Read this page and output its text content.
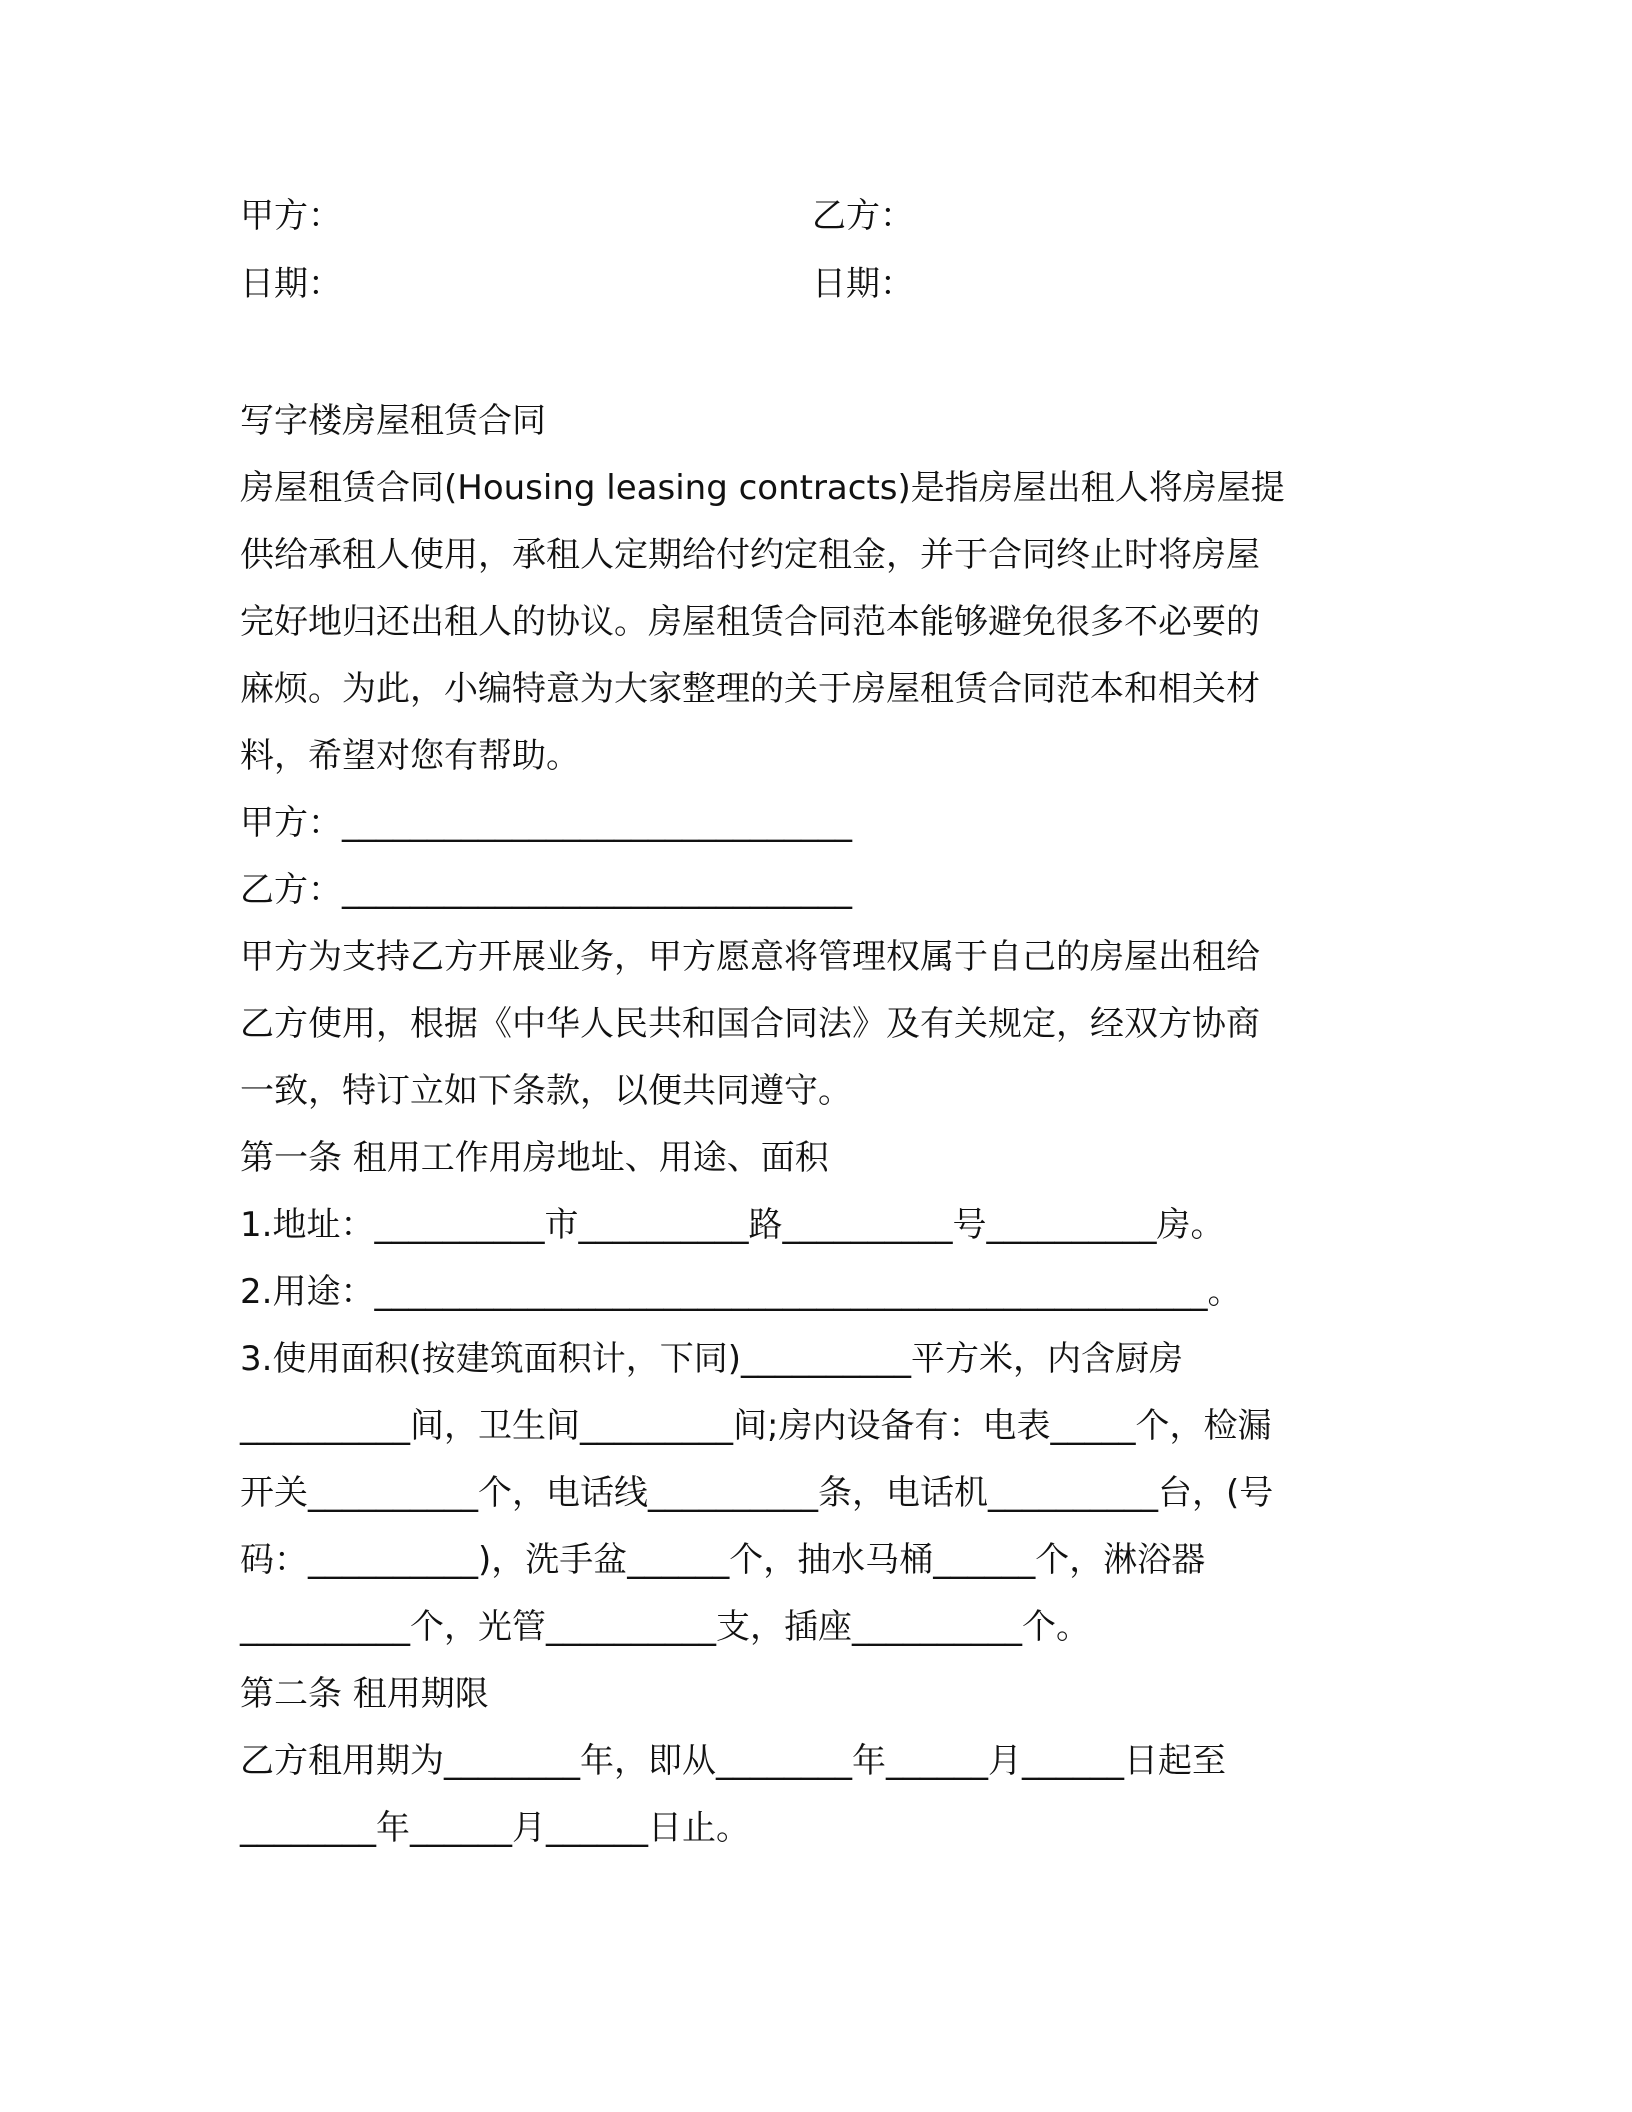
甲方：	乙方：
日期：	日期：
写字楼房屋租赁合同
房屋租赁合同(Housing leasing contracts)是指房屋出租人将房屋提
供给承租人使用，承租人定期给付约定租金，并于合同终止时将房屋
完好地归还出租人的协议。房屋租赁合同范本能够避免很多不必要的
麻烦。为此，小编特意为大家整理的关于房屋租赁合同范本和相关材
料，希望对您有帮助。
甲方：______________________________
乙方：______________________________
甲方为支持乙方开展业务，甲方愿意将管理权属于自己的房屋出租给
乙方使用，根据《中华人民共和国合同法》及有关规定，经双方协商
一致，特订立如下条款，以便共同遵守。
第一条 租用工作用房地址、用途、面积
1.地址：__________市__________路__________号__________房。
2.用途：_________________________________________________。
3.使用面积(按建筑面积计，下同)__________平方米，内含厨房
__________间，卫生间_________间;房内设备有：电表_____个，检漏
开关__________个，电话线__________条，电话机__________台，(号
码：__________)，洗手盆______个，抽水马桶______个，淋浴器
__________个，光管__________支，插座__________个。
第二条 租用期限
乙方租用期为________年，即从________年______月______日起至
________年______月______日止。
